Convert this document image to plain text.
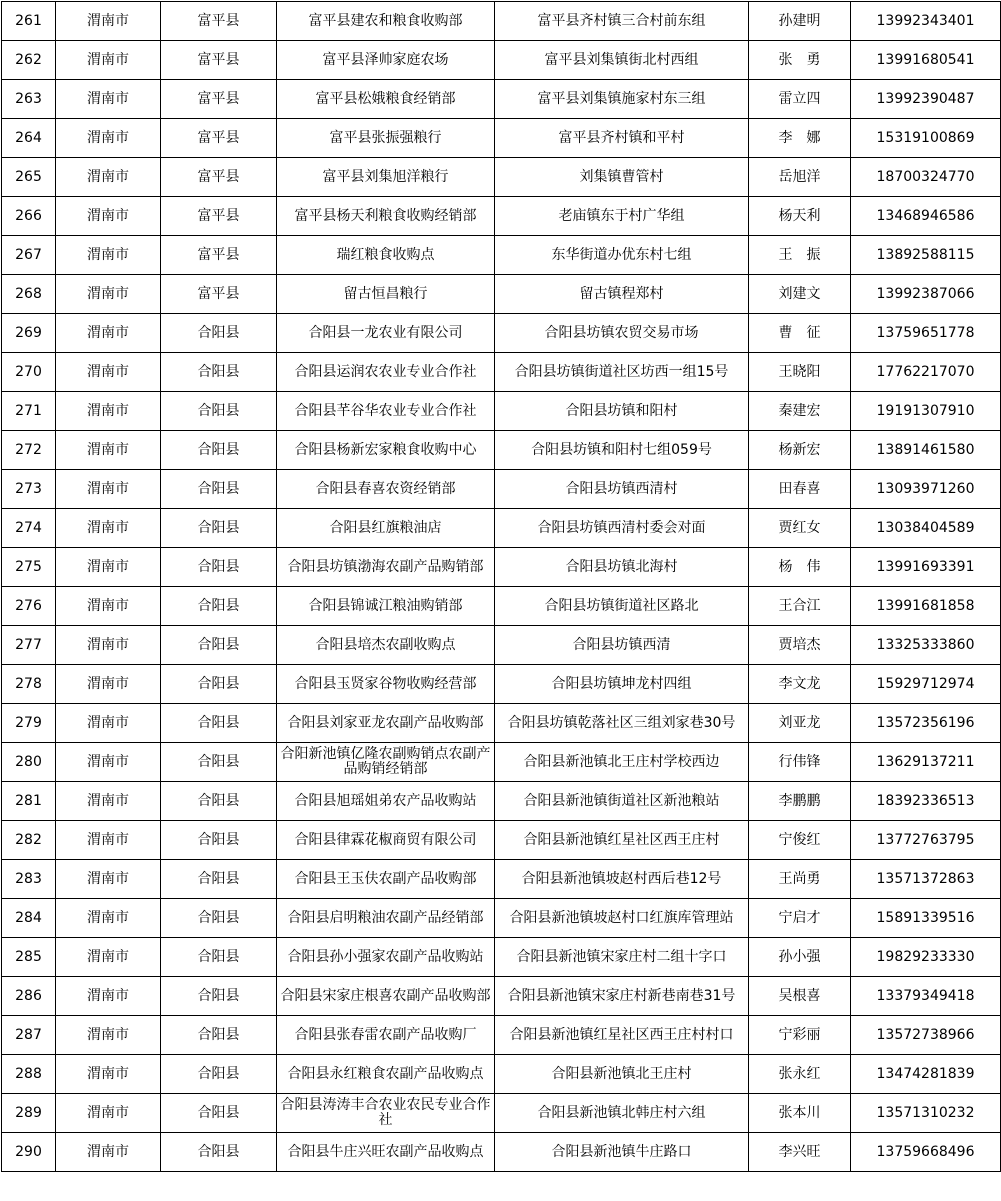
261	渭南市	富平县	富平县建农和粮食收购部	富平县齐村镇三合村前东组	孙建明	13992343401
262	渭南市	富平县	富平县泽帅家庭农场	富平县刘集镇街北村西组	张勇	13991680541
263	渭南市	富平县	富平县松娥粮食经销部	富平县刘集镇施家村东三组	雷立四	13992390487
264	渭南市	富平县	富平县张振强粮行	富平县齐村镇和平村	李娜	15319100869
265	渭南市	富平县	富平县刘集旭洋粮行	刘集镇曹管村	岳旭洋	18700324770
266	渭南市	富平县	富平县杨天利粮食收购经销部	老庙镇东于村广华组	杨天利	13468946586
267	渭南市	富平县	瑞红粮食收购点	东华街道办优东村七组	王振	13892588115
268	渭南市	富平县	留古恒昌粮行	留古镇程郑村	刘建文	13992387066
269	渭南市	合阳县	合阳县一龙农业有限公司	合阳县坊镇农贸交易市场	曹征	13759651778
270	渭南市	合阳县	合阳县运润农农业专业合作社	合阳县坊镇街道社区坊西一组15号	王晓阳	17762217070
271	渭南市	合阳县	合阳县芊谷华农业专业合作社	合阳县坊镇和阳村	秦建宏	19191307910
272	渭南市	合阳县	合阳县杨新宏家粮食收购中心	合阳县坊镇和阳村七组059号	杨新宏	13891461580
273	渭南市	合阳县	合阳县春喜农资经销部	合阳县坊镇西清村	田春喜	13093971260
274	渭南市	合阳县	合阳县红旗粮油店	合阳县坊镇西清村委会对面	贾红女	13038404589
275	渭南市	合阳县	合阳县坊镇渤海农副产品购销部	合阳县坊镇北海村	杨伟	13991693391
276	渭南市	合阳县	合阳县锦诚江粮油购销部	合阳县坊镇街道社区路北	王合江	13991681858
277	渭南市	合阳县	合阳县培杰农副收购点	合阳县坊镇西清	贾培杰	13325333860
278	渭南市	合阳县	合阳县玉贤家谷物收购经营部	合阳县坊镇坤龙村四组	李文龙	15929712974
279	渭南市	合阳县	合阳县刘家亚龙农副产品收购部	合阳县坊镇乾落社区三组刘家巷30号	刘亚龙	13572356196
280	渭南市	合阳县	合阳新池镇亿隆农副购销点农副产品购销经销部	合阳县新池镇北王庄村学校西边	行伟锋	13629137211
281	渭南市	合阳县	合阳县旭瑶姐弟农产品收购站	合阳县新池镇街道社区新池粮站	李鹏鹏	18392336513
282	渭南市	合阳县	合阳县律霖花椒商贸有限公司	合阳县新池镇红星社区西王庄村	宁俊红	13772763795
283	渭南市	合阳县	合阳县王玉伕农副产品收购部	合阳县新池镇坡赵村西后巷12号	王尚勇	13571372863
284	渭南市	合阳县	合阳县启明粮油农副产品经销部	合阳县新池镇坡赵村口红旗库管理站	宁启才	15891339516
285	渭南市	合阳县	合阳县孙小强家农副产品收购站	合阳县新池镇宋家庄村二组十字口	孙小强	19829233330
286	渭南市	合阳县	合阳县宋家庄根喜农副产品收购部	合阳县新池镇宋家庄村新巷南巷31号	吴根喜	13379349418
287	渭南市	合阳县	合阳县张春雷农副产品收购厂	合阳县新池镇红星社区西王庄村村口	宁彩丽	13572738966
288	渭南市	合阳县	合阳县永红粮食农副产品收购点	合阳县新池镇北王庄村	张永红	13474281839
289	渭南市	合阳县	合阳县涛涛丰合农业农民专业合作社	合阳县新池镇北韩庄村六组	张本川	13571310232
290	渭南市	合阳县	合阳县牛庄兴旺农副产品收购点	合阳县新池镇牛庄路口	李兴旺	13759668496
